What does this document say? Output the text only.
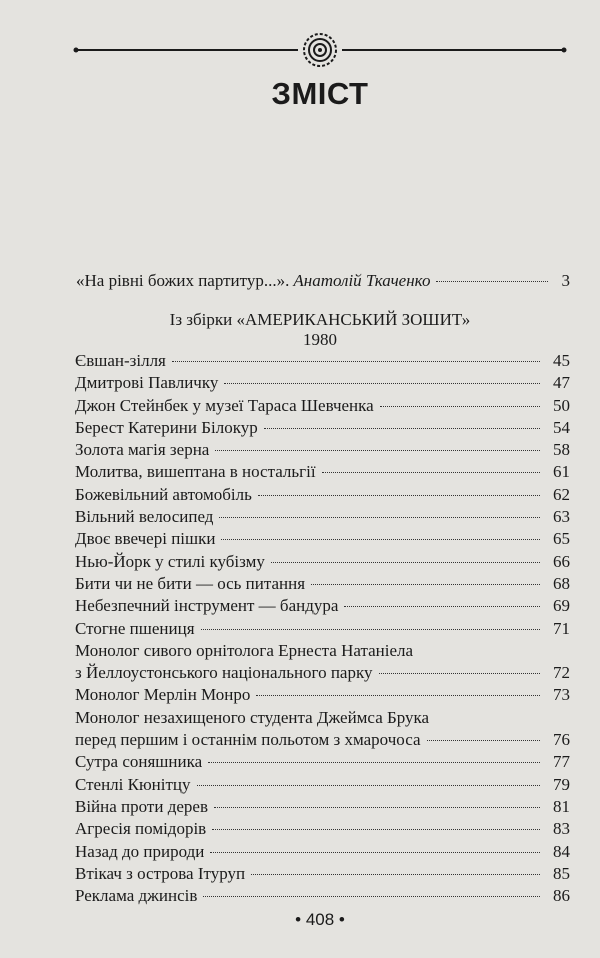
ЗМІСТ
«На рівні божих партитур...». Анатолій Ткаченко	3
Із збірки «АМЕРИКАНСЬКИЙ ЗОШИТ»
1980
Євшан-зілля	45
Дмитрові Павличку	47
Джон Стейнбек у музеї Тараса Шевченка	50
Берест Катерини Білокур	54
Золота магія зерна	58
Молитва, вишептана в ностальгії	61
Божевільний автомобіль	62
Вільний велосипед	63
Двоє ввечері пішки	65
Нью-Йорк у стилі кубізму	66
Бити чи не бити — ось питання	68
Небезпечний інструмент — бандура	69
Стогне пшениця	71
Монолог сивого орнітолога Ернеста Натаніела
з Йеллоустонського національного парку	72
Монолог Мерлін Монро	73
Монолог незахищеного студента Джеймса Брука
перед першим і останнім польотом з хмарочоса	76
Сутра соняшника	77
Стенлі Кюнітцу	79
Війна проти дерев	81
Агресія помідорів	83
Назад до природи	84
Втікач з острова Ітуруп	85
Реклама джинсів	86
• 408 •
